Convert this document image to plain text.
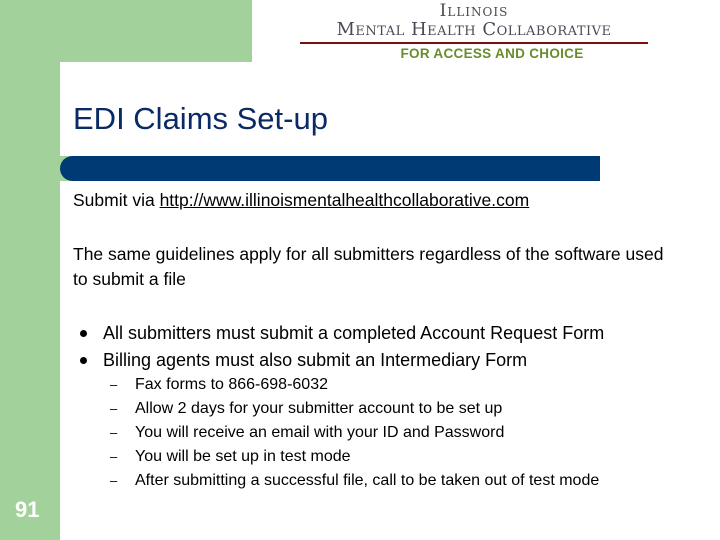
Illinois
Mental Health Collaborative
FOR ACCESS AND CHOICE
EDI Claims Set-up
Submit via http://www.illinoismentalhealthcollaborative.com
The same guidelines apply for all submitters regardless of the software used to submit a file
All submitters must submit a completed Account Request Form
Billing agents must also submit an Intermediary Form
– Fax forms to 866-698-6032
– Allow 2 days for your submitter account to be set up
– You will receive an email with your ID and Password
– You will be set up in test mode
– After submitting a successful file, call to be taken out of test mode
91
